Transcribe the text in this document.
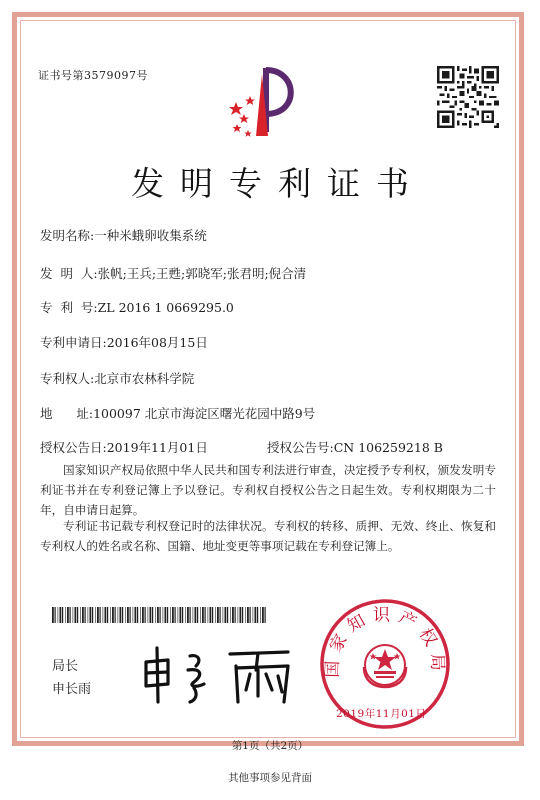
证书号第3579097号
发明专利证书
发明名称:一种米蛾卵收集系统
发  明  人:张帆;王兵;王甦;郭晓军;张君明;倪合清
专  利  号:ZL 2016 1 0669295.0
专利申请日:2016年08月15日
专利权人:北京市农林科学院
地      址:100097 北京市海淀区曙光花园中路9号
授权公告日:2019年11月01日	授权公告号:CN 106259218 B
国家知识产权局依照中华人民共和国专利法进行审查，决定授予专利权，颁发发明专利证书并在专利登记簿上予以登记。专利权自授权公告之日起生效。专利权期限为二十年，自申请日起算。
专利证书记载专利权登记时的法律状况。专利权的转移、质押、无效、终止、恢复和专利权人的姓名或名称、国籍、地址变更等事项记载在专利登记簿上。
局长
申长雨
国家知识产权局
2019年11月01日
第1页（共2页）
其他事项参见背面
